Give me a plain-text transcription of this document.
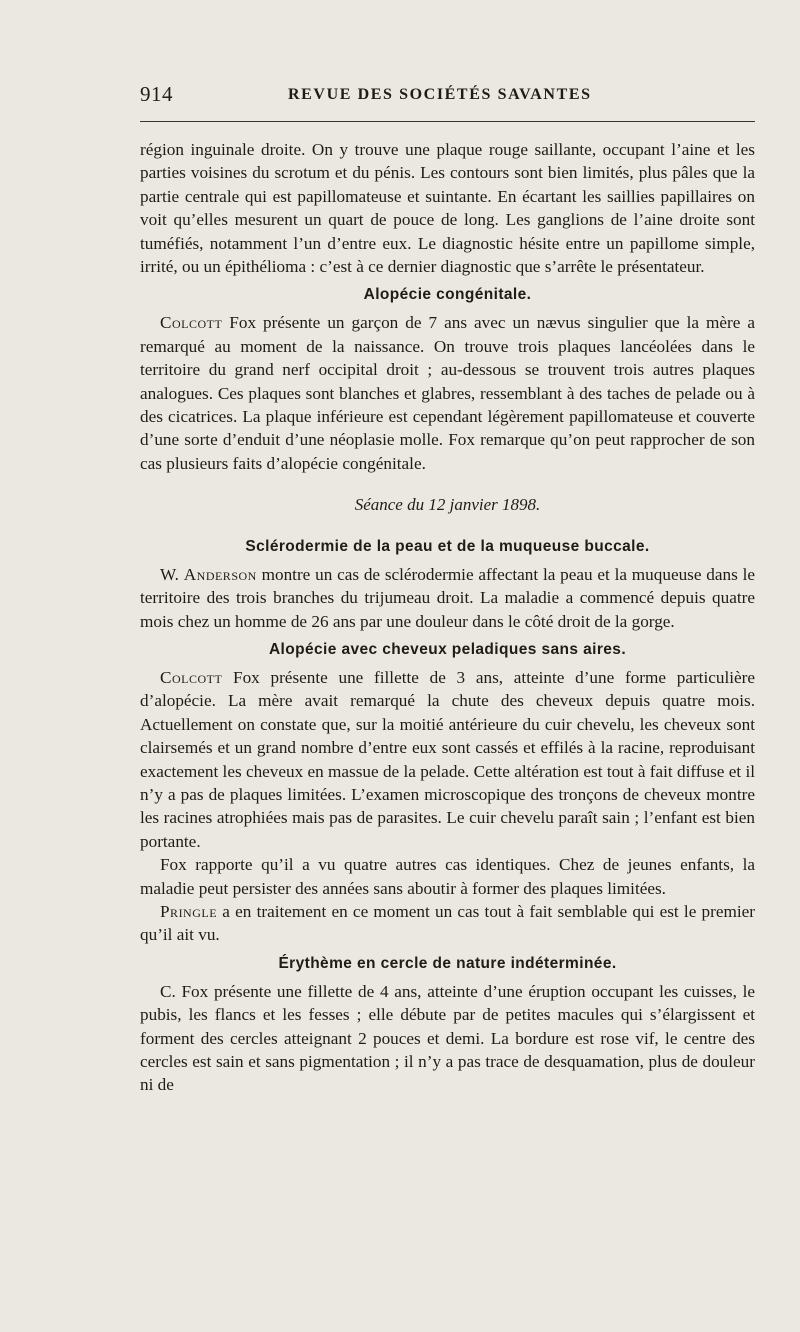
914	REVUE DES SOCIÉTÉS SAVANTES

région inguinale droite. On y trouve une plaque rouge saillante, occupant l’aine et les parties voisines du scrotum et du pénis. Les contours sont bien limités, plus pâles que la partie centrale qui est papillomateuse et suintante. En écartant les saillies papillaires on voit qu’elles mesurent un quart de pouce de long. Les ganglions de l’aine droite sont tuméfiés, notamment l’un d’entre eux. Le diagnostic hésite entre un papillome simple, irrité, ou un épithélioma : c’est à ce dernier diagnostic que s’arrête le présentateur.

Alopécie congénitale.

Colcott Fox présente un garçon de 7 ans avec un nævus singulier que la mère a remarqué au moment de la naissance. On trouve trois plaques lancéolées dans le territoire du grand nerf occipital droit ; au-dessous se trouvent trois autres plaques analogues. Ces plaques sont blanches et glabres, ressemblant à des taches de pelade ou à des cicatrices. La plaque inférieure est cependant légèrement papillomateuse et couverte d’une sorte d’enduit d’une néoplasie molle. Fox remarque qu’on peut rapprocher de son cas plusieurs faits d’alopécie congénitale.

Séance du 12 janvier 1898.
Sclérodermie de la peau et de la muqueuse buccale.

W. Anderson montre un cas de sclérodermie affectant la peau et la muqueuse dans le territoire des trois branches du trijumeau droit. La maladie a commencé depuis quatre mois chez un homme de 26 ans par une douleur dans le côté droit de la gorge.

Alopécie avec cheveux peladiques sans aires.

Colcott Fox présente une fillette de 3 ans, atteinte d’une forme particulière d’alopécie. La mère avait remarqué la chute des cheveux depuis quatre mois. Actuellement on constate que, sur la moitié antérieure du cuir chevelu, les cheveux sont clairsemés et un grand nombre d’entre eux sont cassés et effilés à la racine, reproduisant exactement les cheveux en massue de la pelade. Cette altération est tout à fait diffuse et il n’y a pas de plaques limitées. L’examen microscopique des tronçons de cheveux montre les racines atrophiées mais pas de parasites. Le cuir chevelu paraît sain ; l’enfant est bien portante.

Fox rapporte qu’il a vu quatre autres cas identiques. Chez de jeunes enfants, la maladie peut persister des années sans aboutir à former des plaques limitées.

Pringle a en traitement en ce moment un cas tout à fait semblable qui est le premier qu’il ait vu.

Érythème en cercle de nature indéterminée.

C. Fox présente une fillette de 4 ans, atteinte d’une éruption occupant les cuisses, le pubis, les flancs et les fesses ; elle débute par de petites macules qui s’élargissent et forment des cercles atteignant 2 pouces et demi. La bordure est rose vif, le centre des cercles est sain et sans pigmentation ; il n’y a pas trace de desquamation, plus de douleur ni de
